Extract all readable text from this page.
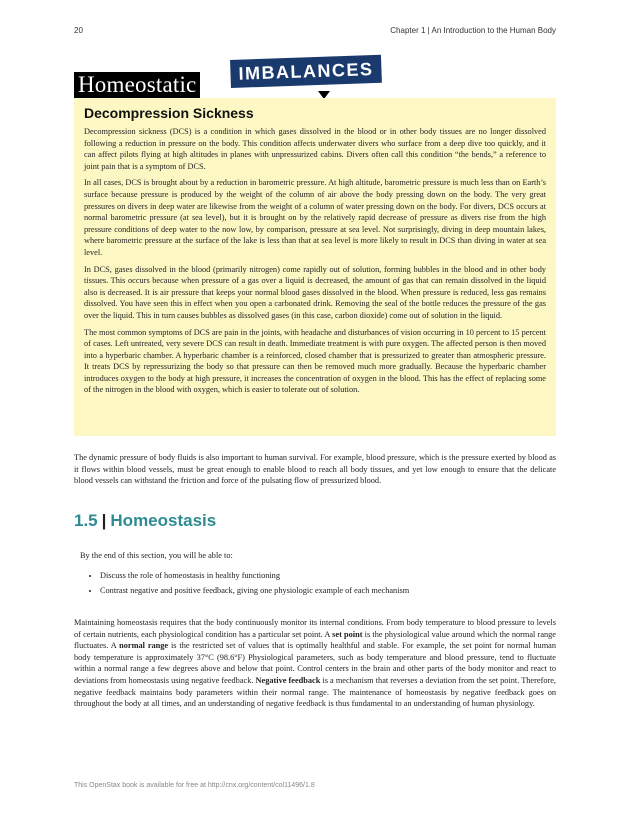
20	Chapter 1 | An Introduction to the Human Body
Homeostatic
IMBALANCES
Decompression Sickness

Decompression sickness (DCS) is a condition in which gases dissolved in the blood or in other body tissues are no longer dissolved following a reduction in pressure on the body. This condition affects underwater divers who surface from a deep dive too quickly, and it can affect pilots flying at high altitudes in planes with unpressurized cabins. Divers often call this condition “the bends,” a reference to joint pain that is a symptom of DCS.

In all cases, DCS is brought about by a reduction in barometric pressure. At high altitude, barometric pressure is much less than on Earth’s surface because pressure is produced by the weight of the column of air above the body pressing down on the body. The very great pressures on divers in deep water are likewise from the weight of a column of water pressing down on the body. For divers, DCS occurs at normal barometric pressure (at sea level), but it is brought on by the relatively rapid decrease of pressure as divers rise from the high pressure conditions of deep water to the now low, by comparison, pressure at sea level. Not surprisingly, diving in deep mountain lakes, where barometric pressure at the surface of the lake is less than that at sea level is more likely to result in DCS than diving in water at sea level.

In DCS, gases dissolved in the blood (primarily nitrogen) come rapidly out of solution, forming bubbles in the blood and in other body tissues. This occurs because when pressure of a gas over a liquid is decreased, the amount of gas that can remain dissolved in the liquid also is decreased. It is air pressure that keeps your normal blood gases dissolved in the blood. When pressure is reduced, less gas remains dissolved. You have seen this in effect when you open a carbonated drink. Removing the seal of the bottle reduces the pressure of the gas over the liquid. This in turn causes bubbles as dissolved gases (in this case, carbon dioxide) come out of solution in the liquid.

The most common symptoms of DCS are pain in the joints, with headache and disturbances of vision occurring in 10 percent to 15 percent of cases. Left untreated, very severe DCS can result in death. Immediate treatment is with pure oxygen. The affected person is then moved into a hyperbaric chamber. A hyperbaric chamber is a reinforced, closed chamber that is pressurized to greater than atmospheric pressure. It treats DCS by repressurizing the body so that pressure can then be removed much more gradually. Because the hyperbaric chamber introduces oxygen to the body at high pressure, it increases the concentration of oxygen in the blood. This has the effect of replacing some of the nitrogen in the blood with oxygen, which is easier to tolerate out of solution.

The dynamic pressure of body fluids is also important to human survival. For example, blood pressure, which is the pressure exerted by blood as it flows within blood vessels, must be great enough to enable blood to reach all body tissues, and yet low enough to ensure that the delicate blood vessels can withstand the friction and force of the pulsating flow of pressurized blood.
1.5 | Homeostasis
By the end of this section, you will be able to:
• Discuss the role of homeostasis in healthy functioning
• Contrast negative and positive feedback, giving one physiologic example of each mechanism
Maintaining homeostasis requires that the body continuously monitor its internal conditions. From body temperature to blood pressure to levels of certain nutrients, each physiological condition has a particular set point. A set point is the physiological value around which the normal range fluctuates. A normal range is the restricted set of values that is optimally healthful and stable. For example, the set point for normal human body temperature is approximately 37°C (98.6°F) Physiological parameters, such as body temperature and blood pressure, tend to fluctuate within a normal range a few degrees above and below that point. Control centers in the brain and other parts of the body monitor and react to deviations from homeostasis using negative feedback. Negative feedback is a mechanism that reverses a deviation from the set point. Therefore, negative feedback maintains body parameters within their normal range. The maintenance of homeostasis by negative feedback goes on throughout the body at all times, and an understanding of negative feedback is thus fundamental to an understanding of human physiology.
This OpenStax book is available for free at http://cnx.org/content/col11496/1.8
